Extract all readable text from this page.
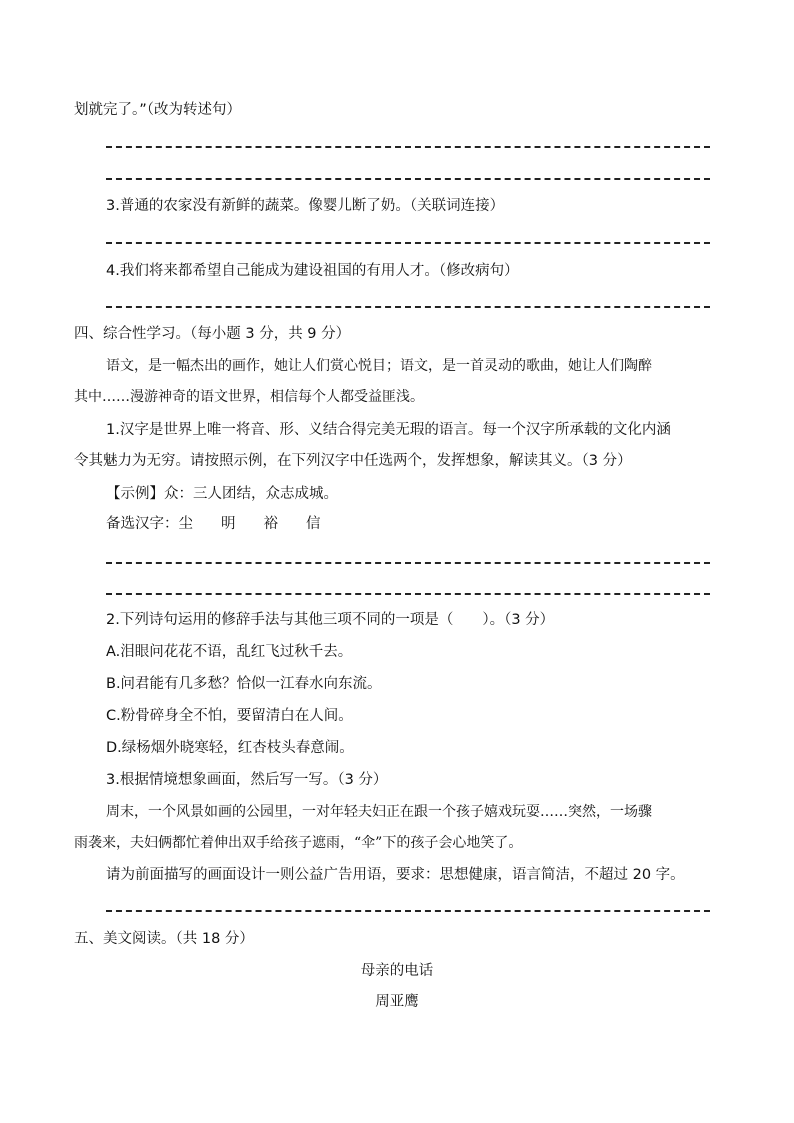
划就完了。”（改为转述句）
3.普通的农家没有新鲜的蔬菜。像婴儿断了奶。（关联词连接）
4.我们将来都希望自己能成为建设祖国的有用人才。（修改病句）
四、综合性学习。（每小题 3 分，共 9 分）
语文，是一幅杰出的画作，她让人们赏心悦目；语文，是一首灵动的歌曲，她让人们陶醉
其中……漫游神奇的语文世界，相信每个人都受益匪浅。
1.汉字是世界上唯一将音、形、义结合得完美无瑕的语言。每一个汉字所承载的文化内涵
令其魅力为无穷。请按照示例，在下列汉字中任选两个，发挥想象，解读其义。（3 分）
【示例】众：三人团结，众志成城。
备选汉字：尘 明 裕 信
2.下列诗句运用的修辞手法与其他三项不同的一项是（　　）。（3 分）
A.泪眼问花花不语，乱红飞过秋千去。
B.问君能有几多愁？恰似一江春水向东流。
C.粉骨碎身全不怕，要留清白在人间。
D.绿杨烟外晓寒轻，红杏枝头春意闹。
3.根据情境想象画面，然后写一写。（3 分）
周末，一个风景如画的公园里，一对年轻夫妇正在跟一个孩子嬉戏玩耍……突然，一场骤
雨袭来，夫妇俩都忙着伸出双手给孩子遮雨，“伞”下的孩子会心地笑了。
请为前面描写的画面设计一则公益广告用语，要求：思想健康，语言简洁，不超过 20 字。
五、美文阅读。（共 18 分）
母亲的电话
周亚鹰
